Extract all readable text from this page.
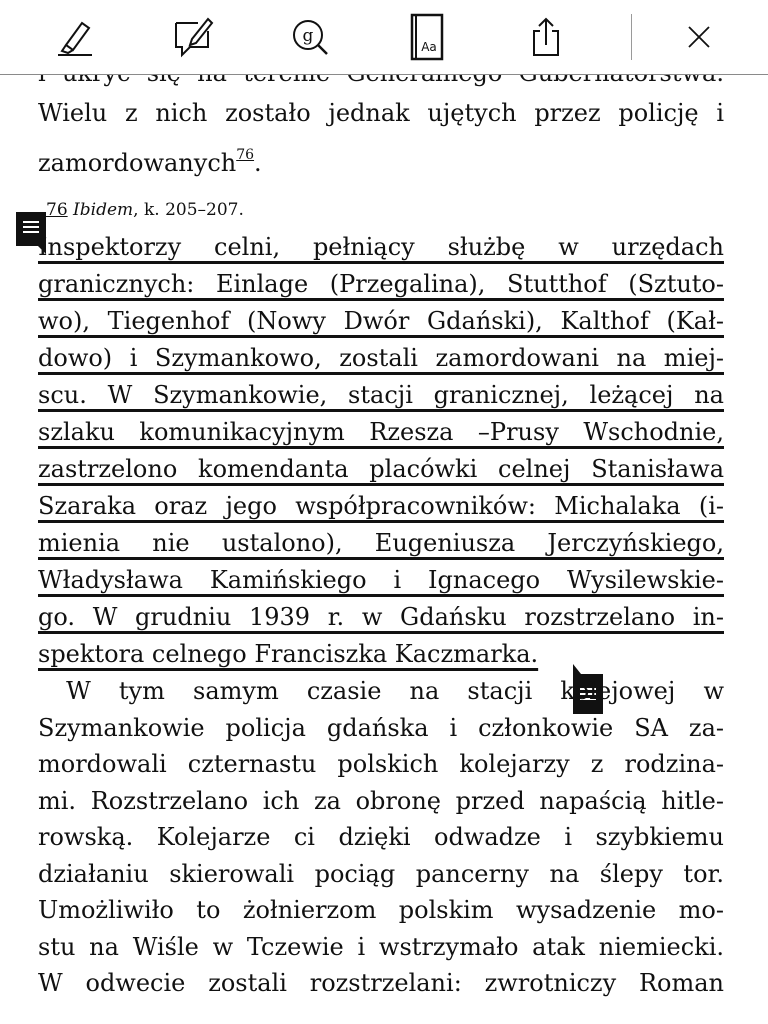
Wielu z nich zostało jednak ujętych przez policję i
zamordowanych$^{76}$.
76 Ibidem, k. 205–207.
Inspektorzy celni, pełniący służbę w urzędach
granicznych: Einlage (Przegalina), Stutthof (Sztuto-
wo), Tiegenhof (Nowy Dwór Gdański), Kalthof (Kał-
dowo) i Szymankowo, zostali zamordowani na miej-
scu. W Szymankowie, stacji granicznej, leżącej na
szlaku komunikacyjnym Rzesza –Prusy Wschodnie,
zastrzelono komendanta placówki celnej Stanisława
Szaraka oraz jego współpracowników: Michalaka (i-
mienia nie ustalono), Eugeniusza Jerczyńskiego,
Władysława Kamińskiego i Ignacego Wysilewskie-
go. W grudniu 1939 r. w Gdańsku rozstrzelano in-
spektora celnego Franciszka Kaczmarka.
W tym samym czasie na stacji kolejowej w
Szymankowie policja gdańska i członkowie SA za-
mordowali czternastu polskich kolejarzy z rodzina-
mi. Rozstrzelano ich za obronę przed napaścią hitle-
rowską. Kolejarze ci dzięki odwadze i szybkiemu
działaniu skierowali pociąg pancerny na ślepy tor.
Umożliwiło to żołnierzom polskim wysadzenie mo-
stu na Wiśle w Tczewie i wstrzymało atak niemiecki.
W odwecie zostali rozstrzelani: zwrotniczy Roman
g
Aa
